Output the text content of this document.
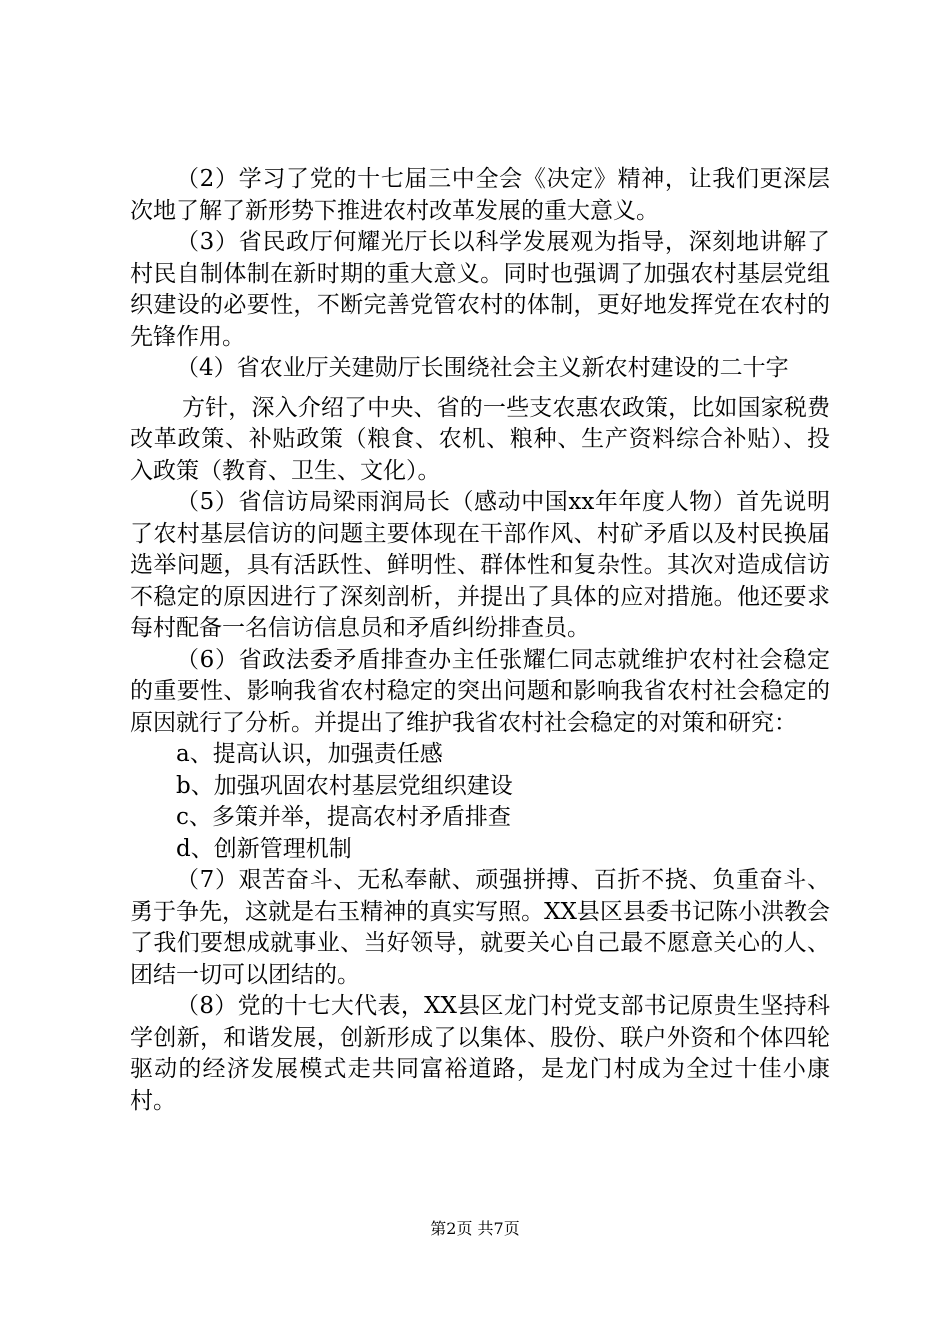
（2）学习了党的十七届三中全会《决定》精神，让我们更深层次地了解了新形势下推进农村改革发展的重大意义。

（3）省民政厅何耀光厅长以科学发展观为指导，深刻地讲解了村民自制体制在新时期的重大意义。同时也强调了加强农村基层党组织建设的必要性，不断完善党管农村的体制，更好地发挥党在农村的先锋作用。

（4）省农业厅关建勋厅长围绕社会主义新农村建设的二十字

方针，深入介绍了中央、省的一些支农惠农政策，比如国家税费改革政策、补贴政策（粮食、农机、粮种、生产资料综合补贴）、投入政策（教育、卫生、文化）。

（5）省信访局梁雨润局长（感动中国xx年年度人物）首先说明了农村基层信访的问题主要体现在干部作风、村矿矛盾以及村民换届选举问题，具有活跃性、鲜明性、群体性和复杂性。其次对造成信访不稳定的原因进行了深刻剖析，并提出了具体的应对措施。他还要求每村配备一名信访信息员和矛盾纠纷排查员。

（6）省政法委矛盾排查办主任张耀仁同志就维护农村社会稳定的重要性、影响我省农村稳定的突出问题和影响我省农村社会稳定的原因就行了分析。并提出了维护我省农村社会稳定的对策和研究：

a、提高认识，加强责任感

b、加强巩固农村基层党组织建设

c、多策并举，提高农村矛盾排查

d、创新管理机制

（7）艰苦奋斗、无私奉献、顽强拼搏、百折不挠、负重奋斗、勇于争先，这就是右玉精神的真实写照。XX县区县委书记陈小洪教会了我们要想成就事业、当好领导，就要关心自己最不愿意关心的人、团结一切可以团结的。

（8）党的十七大代表，XX县区龙门村党支部书记原贵生坚持科学创新，和谐发展，创新形成了以集体、股份、联户外资和个体四轮驱动的经济发展模式走共同富裕道路，是龙门村成为全过十佳小康村。

第2页 共7页
